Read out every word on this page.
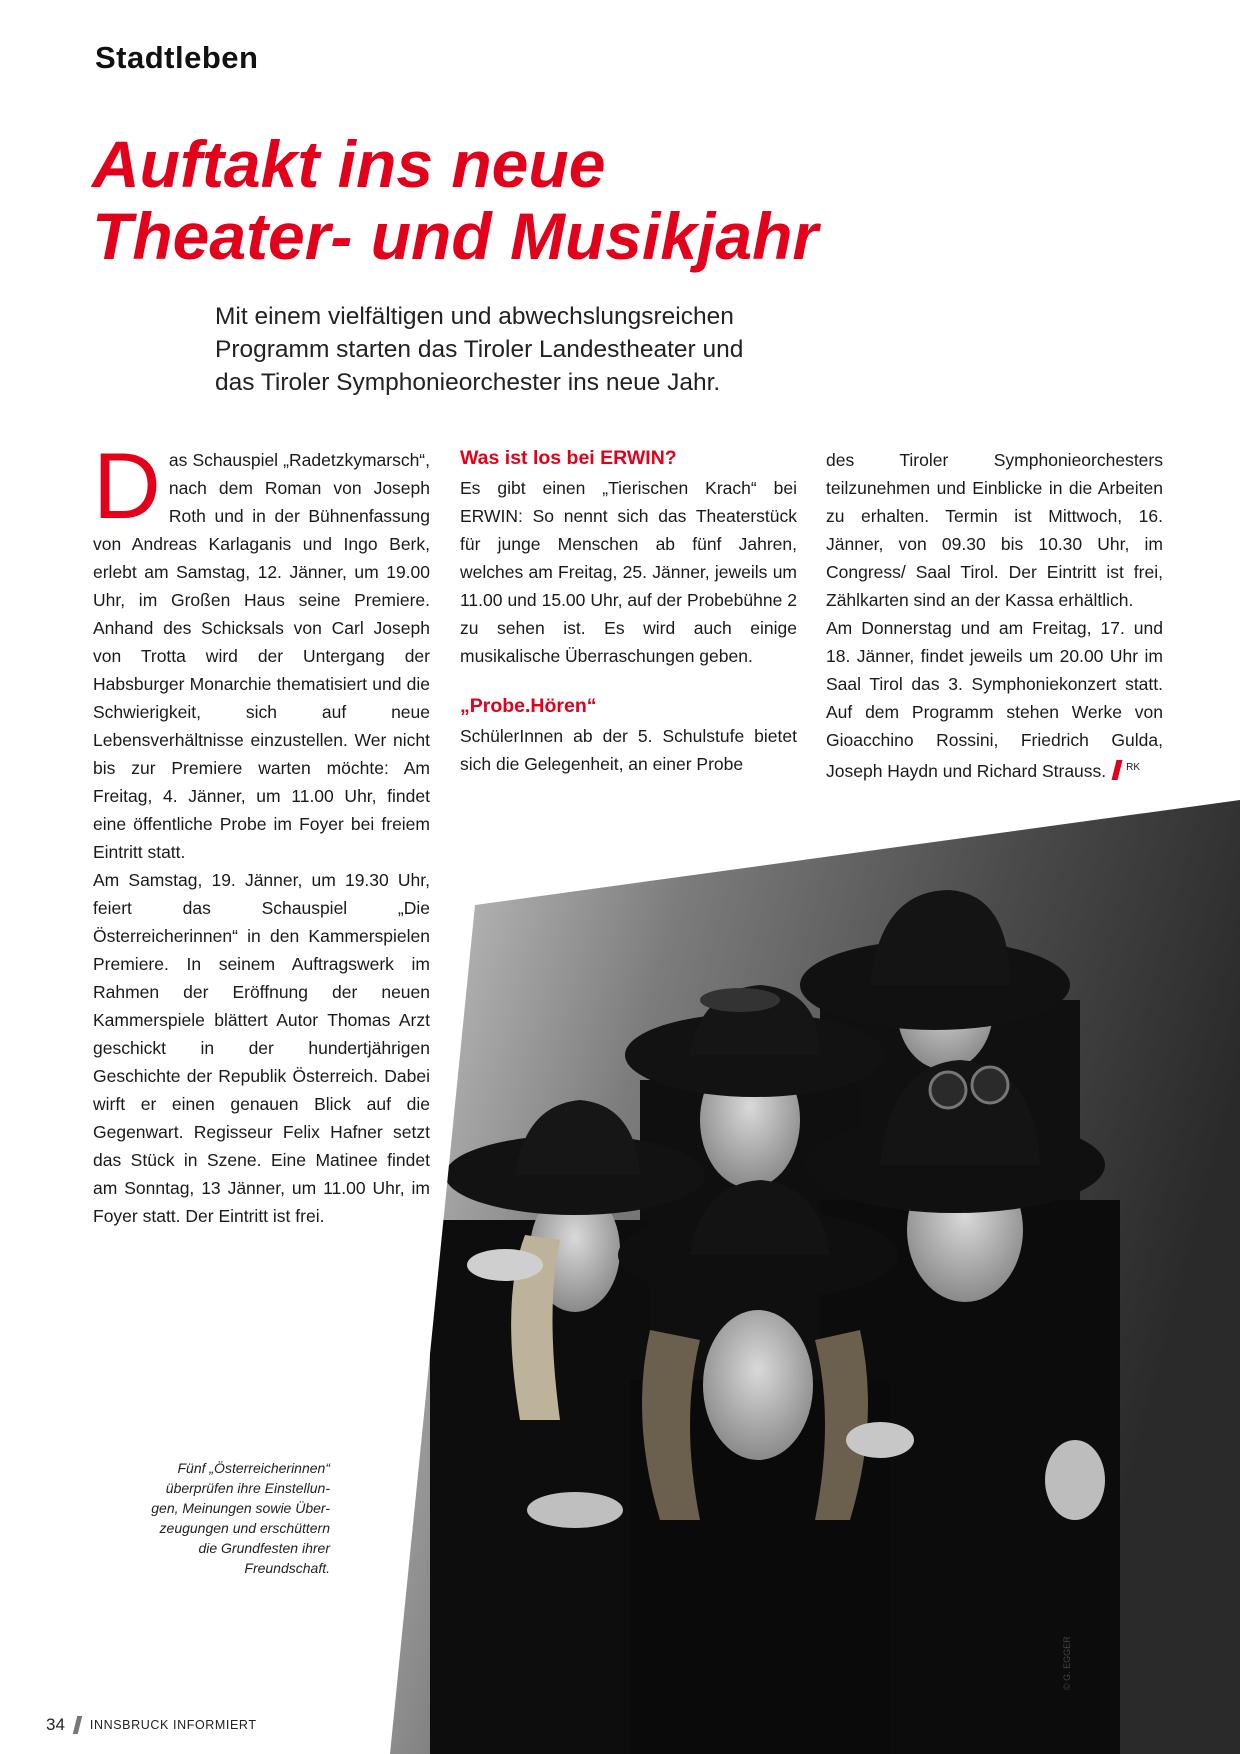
Stadtleben
Auftakt ins neue
Theater- und Musikjahr
Mit einem vielfältigen und abwechslungsreichen
Programm starten das Tiroler Landestheater und
das Tiroler Symphonieorchester ins neue Jahr.

Das Schauspiel „Radetzkymarsch“, nach dem Roman von Joseph Roth und in der Bühnenfassung von Andreas Karlaganis und Ingo Berk, erlebt am Samstag, 12. Jänner, um 19.00 Uhr, im Großen Haus seine Premiere. Anhand des Schicksals von Carl Joseph von Trotta wird der Untergang der Habsburger Monarchie thematisiert und die Schwierigkeit, sich auf neue Lebensverhältnisse einzustellen. Wer nicht bis zur Premiere warten möchte: Am Freitag, 4. Jänner, um 11.00 Uhr, findet eine öffentliche Probe im Foyer bei freiem Eintritt statt.

Am Samstag, 19. Jänner, um 19.30 Uhr, feiert das Schauspiel „Die Österreicherinnen“ in den Kammerspielen Premiere. In seinem Auftragswerk im Rahmen der Eröffnung der neuen Kammerspiele blättert Autor Thomas Arzt geschickt in der hundertjährigen Geschichte der Republik Österreich. Dabei wirft er einen genauen Blick auf die Gegenwart. Regisseur Felix Hafner setzt das Stück in Szene. Eine Matinee findet am Sonntag, 13 Jänner, um 11.00 Uhr, im Foyer statt. Der Eintritt ist frei.

Was ist los bei ERWIN?

Es gibt einen „Tierischen Krach“ bei ERWIN: So nennt sich das Theaterstück für junge Menschen ab fünf Jahren, welches am Freitag, 25. Jänner, jeweils um 11.00 und 15.00 Uhr, auf der Probebühne 2 zu sehen ist. Es wird auch einige musikalische Überraschungen geben.

„Probe.Hören“

SchülerInnen ab der 5. Schulstufe bietet sich die Gelegenheit, an einer Probe

des Tiroler Symphonieorchesters teilzunehmen und Einblicke in die Arbeiten zu erhalten. Termin ist Mittwoch, 16. Jänner, von 09.30 bis 10.30 Uhr, im Congress/ Saal Tirol. Der Eintritt ist frei, Zählkarten sind an der Kassa erhältlich.

Am Donnerstag und am Freitag, 17. und 18. Jänner, findet jeweils um 20.00 Uhr im Saal Tirol das 3. Symphoniekonzert statt. Auf dem Programm stehen Werke von Gioacchino Rossini, Friedrich Gulda, Joseph Haydn und Richard Strauss. $^{RK}$

Fünf „Österreicherinnen“
überprüfen ihre Einstellun-
gen, Meinungen sowie Über-
zeugungen und erschüttern
die Grundfesten ihrer
Freundschaft.
© G. EGGER
34 INNSBRUCK INFORMIERT
